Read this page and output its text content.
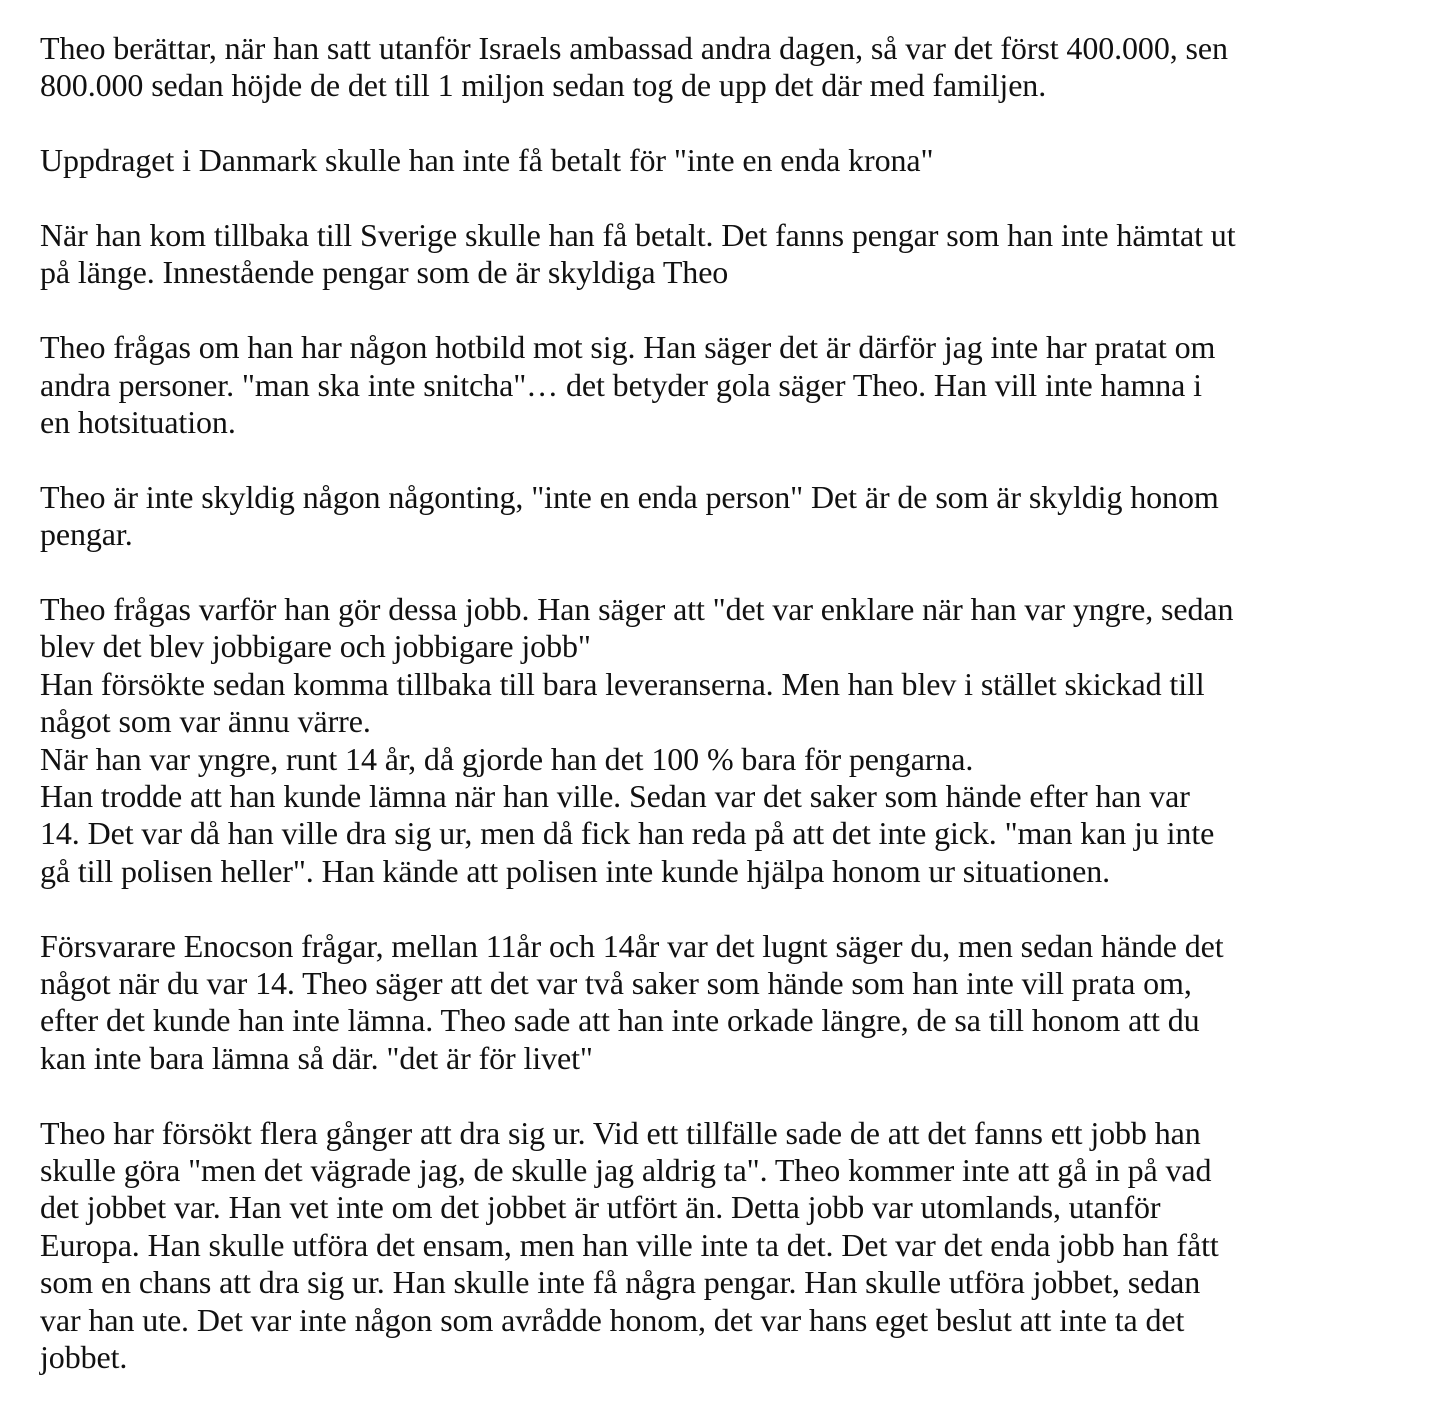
Theo berättar, när han satt utanför Israels ambassad andra dagen, så var det först 400.000, sen
800.000 sedan höjde de det till 1 miljon sedan tog de upp det där med familjen.

Uppdraget i Danmark skulle han inte få betalt för "inte en enda krona"

När han kom tillbaka till Sverige skulle han få betalt. Det fanns pengar som han inte hämtat ut
på länge. Innestående pengar som de är skyldiga Theo

Theo frågas om han har någon hotbild mot sig. Han säger det är därför jag inte har pratat om
andra personer. "man ska inte snitcha"… det betyder gola säger Theo. Han vill inte hamna i
en hotsituation.

Theo är inte skyldig någon någonting, "inte en enda person" Det är de som är skyldig honom
pengar.

Theo frågas varför han gör dessa jobb. Han säger att "det var enklare när han var yngre, sedan
blev det blev jobbigare och jobbigare jobb"
Han försökte sedan komma tillbaka till bara leveranserna. Men han blev i stället skickad till
något som var ännu värre.
När han var yngre, runt 14 år, då gjorde han det 100 % bara för pengarna.
Han trodde att han kunde lämna när han ville. Sedan var det saker som hände efter han var
14. Det var då han ville dra sig ur, men då fick han reda på att det inte gick. "man kan ju inte
gå till polisen heller". Han kände att polisen inte kunde hjälpa honom ur situationen.

Försvarare Enocson frågar, mellan 11år och 14år var det lugnt säger du, men sedan hände det
något när du var 14. Theo säger att det var två saker som hände som han inte vill prata om,
efter det kunde han inte lämna. Theo sade att han inte orkade längre, de sa till honom att du
kan inte bara lämna så där. "det är för livet"

Theo har försökt flera gånger att dra sig ur. Vid ett tillfälle sade de att det fanns ett jobb han
skulle göra "men det vägrade jag, de skulle jag aldrig ta". Theo kommer inte att gå in på vad
det jobbet var. Han vet inte om det jobbet är utfört än. Detta jobb var utomlands, utanför
Europa. Han skulle utföra det ensam, men han ville inte ta det. Det var det enda jobb han fått
som en chans att dra sig ur. Han skulle inte få några pengar. Han skulle utföra jobbet, sedan
var han ute. Det var inte någon som avrådde honom, det var hans eget beslut att inte ta det
jobbet.
